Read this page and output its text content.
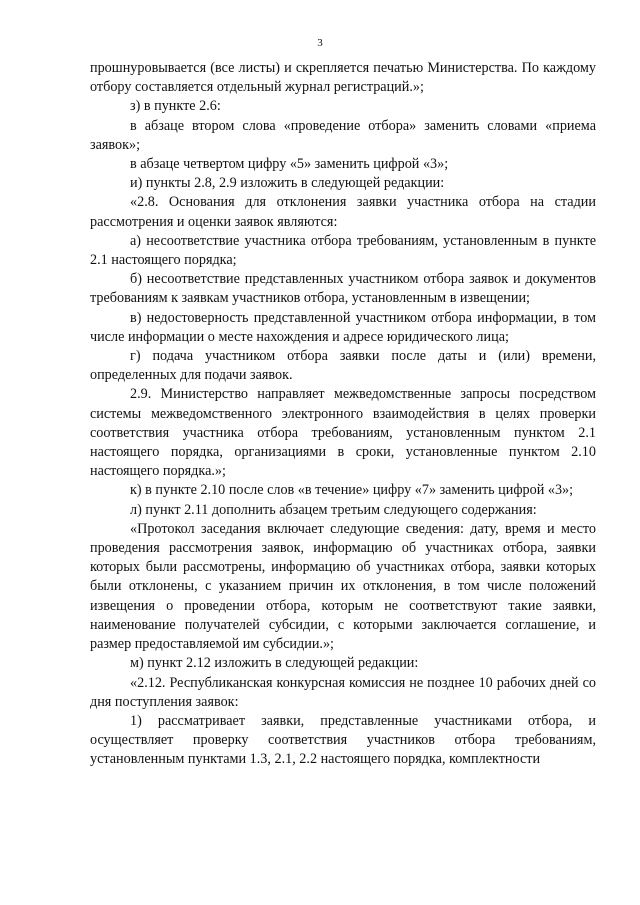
3

прошнуровывается (все листы) и скрепляется печатью Министерства. По каждому отбору составляется отдельный журнал регистраций.»;

з) в пункте 2.6:

в абзаце втором слова «проведение отбора» заменить словами «приема заявок»;

в абзаце четвертом цифру «5» заменить цифрой «3»;

и) пункты 2.8, 2.9 изложить в следующей редакции:

«2.8. Основания для отклонения заявки участника отбора на стадии рассмотрения и оценки заявок являются:

а) несоответствие участника отбора требованиям, установленным в пункте 2.1 настоящего порядка;

б) несоответствие представленных участником отбора заявок и документов требованиям к заявкам участников отбора, установленным в извещении;

в) недостоверность представленной участником отбора информации, в том числе информации о месте нахождения и адресе юридического лица;

г) подача участником отбора заявки после даты и (или) времени, определенных для подачи заявок.

2.9. Министерство направляет межведомственные запросы посредством системы межведомственного электронного взаимодействия в целях проверки соответствия участника отбора требованиям, установленным пунктом 2.1 настоящего порядка, организациями в сроки, установленные пунктом 2.10 настоящего порядка.»;

к) в пункте 2.10 после слов «в течение» цифру «7» заменить цифрой «3»;

л) пункт 2.11 дополнить абзацем третьим следующего содержания:

«Протокол заседания включает следующие сведения: дату, время и место проведения рассмотрения заявок, информацию об участниках отбора, заявки которых были рассмотрены, информацию об участниках отбора, заявки которых были отклонены, с указанием причин их отклонения, в том числе положений извещения о проведении отбора, которым не соответствуют такие заявки, наименование получателей субсидии, с которыми заключается соглашение, и размер предоставляемой им субсидии.»;

м) пункт 2.12 изложить в следующей редакции:

«2.12. Республиканская конкурсная комиссия не позднее 10 рабочих дней со дня поступления заявок:

1) рассматривает заявки, представленные участниками отбора, и осуществляет проверку соответствия участников отбора требованиям, установленным пунктами 1.3, 2.1, 2.2 настоящего порядка, комплектности
